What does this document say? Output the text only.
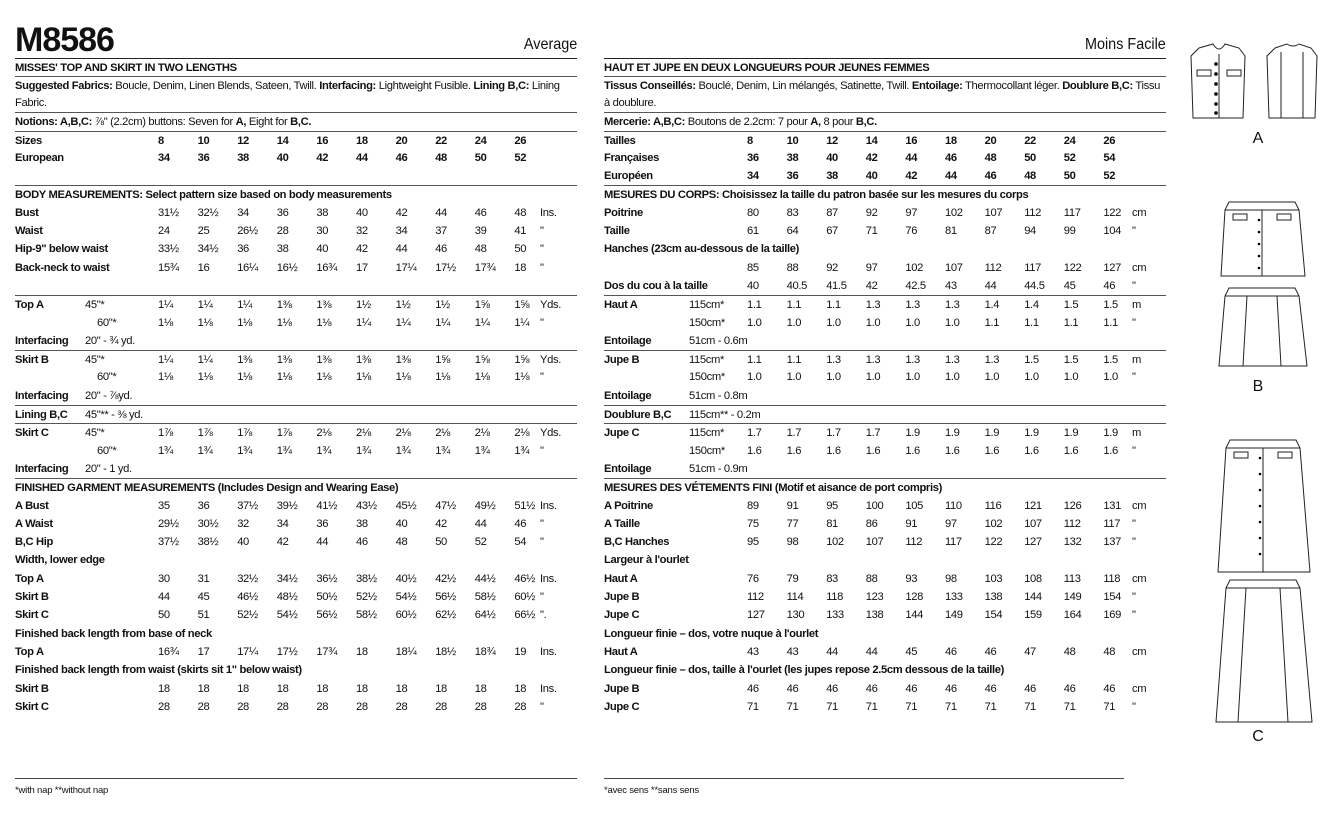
M8586	Average
MISSES' TOP AND SKIRT IN TWO LENGTHS
Suggested Fabrics: Boucle, Denim, Linen Blends, Sateen, Twill. Interfacing: Lightweight Fusible. Lining B,C: Lining Fabric.
Notions: A,B,C: ⅞" (2.2cm) buttons: Seven for A, Eight for B,C.
Sizes	8	10 12 14 16 18 20 22 24 26
European	34 36 38 40 42 44 46 48 50 52
BODY MEASUREMENTS: Select pattern size based on body measurements
Bust	31½ 32½ 34 36 38 40 42 44 46 48 Ins.
Waist	24 25 26½ 28 30 32 34 37 39 41 "
Hip-9" below waist	33½ 34½ 36 38 40 42 44 46 48 50 "
Back-neck to waist	15¾ 16 16¼ 16½ 16¾ 17 17¼ 17½ 17¾ 18 "
Top A	45"*	1¼ 1¼ 1¼ 1⅜ 1⅜ 1½ 1½ 1½ 1⅝ 1⅝ Yds.
60"*	1⅛ 1⅛ 1⅛ 1⅛ 1⅛ 1¼ 1¼ 1¼ 1¼ 1¼ "
Interfacing 20" - ¾ yd.
Skirt B	45"*	1¼ 1¼ 1⅜ 1⅜ 1⅜ 1⅜ 1⅜ 1⅝ 1⅝ 1⅝ Yds.
60"*	1⅛ 1⅛ 1⅛ 1⅛ 1⅛ 1⅛ 1⅛ 1⅛ 1⅛ 1⅛ "
Interfacing 20" - ⅞yd.
Lining B,C 45"** - ⅜ yd.
Skirt C	45"*	1⅞ 1⅞ 1⅞ 1⅞ 2⅛ 2⅛ 2⅛ 2⅛ 2⅛ 2⅛ Yds.
60"*	1¾ 1¾ 1¾ 1¾ 1¾ 1¾ 1¾ 1¾ 1¾ 1¾ "
Interfacing 20" - 1 yd.
FINISHED GARMENT MEASUREMENTS (Includes Design and Wearing Ease)
A Bust	35 36 37½ 39½ 41½ 43½ 45½ 47½ 49½ 51½ Ins.
A Waist	29½ 30½ 32 34 36 38 40 42 44 46 "
B,C Hip	37½ 38½ 40 42 44 46 48 50 52 54 "
Width, lower edge
Top A	30 31 32½ 34½ 36½ 38½ 40½ 42½ 44½ 46½ Ins.
Skirt B	44 45 46½ 48½ 50½ 52½ 54½ 56½ 58½ 60½ "
Skirt C	50 51 52½ 54½ 56½ 58½ 60½ 62½ 64½ 66½ ".
Finished back length from base of neck
Top A	16¾ 17 17¼ 17½ 17¾ 18 18¼ 18½ 18¾ 19 Ins.
Finished back length from waist (skirts sit 1" below waist)
Skirt B	18 18 18 18 18 18 18 18 18 18 Ins.
Skirt C	28 28 28 28 28 28 28 28 28 28 "
Moins Facile
HAUT ET JUPE EN DEUX LONGUEURS POUR JEUNES FEMMES
Tissus Conseillés: Bouclé, Denim, Lin mélangés, Satinette, Twill. Entoilage: Thermocollant léger. Doublure B,C: Tissu à doublure.
Mercerie: A,B,C: Boutons de 2.2cm: 7 pour A, 8 pour B,C.
Tailles	8	10 12 14 16 18 20 22 24 26
Françaises	36 38 40 42 44 46 48 50 52 54
Européen	34 36 38 40 42 44 46 48 50 52
MESURES DU CORPS: Choisissez la taille du patron basée sur les mesures du corps
Poitrine	80 83 87 92 97 102 107 112 117 122 cm
Taille	61 64 67 71 76 81 87 94 99 104 "
Hanches (23cm au-dessous de la taille)
85 88 92 97 102 107 112 117 122 127 cm
Dos du cou à la taille	40 40.5 41.5 42 42.5 43 44 44.5 45 46 "
Haut A	115cm* 1.1 1.1 1.1 1.3 1.3 1.3 1.4 1.4 1.5 1.5 m
150cm* 1.0 1.0 1.0 1.0 1.0 1.0 1.1 1.1 1.1 1.1 "
Entoilage	51cm - 0.6m
Jupe B	115cm* 1.1 1.1 1.3 1.3 1.3 1.3 1.3 1.5 1.5 1.5 m
150cm* 1.0 1.0 1.0 1.0 1.0 1.0 1.0 1.0 1.0 1.0 "
Entoilage	51cm - 0.8m
Doublure B,C 115cm** - 0.2m
Jupe C	115cm* 1.7 1.7 1.7 1.7 1.9 1.9 1.9 1.9 1.9 1.9 m
150cm* 1.6 1.6 1.6 1.6 1.6 1.6 1.6 1.6 1.6 1.6 "
Entoilage	51cm - 0.9m
MESURES DES VÉTEMENTS FINI (Motif et aisance de port compris)
A Poitrine	89 91 95 100 105 110 116 121 126 131 cm
A Taille	75 77 81 86 91 97 102 107 112 117 "
B,C Hanches	95 98 102 107 112 117 122 127 132 137 "
Largeur à l'ourlet
Haut A	76 79 83 88 93 98 103 108 113 118 cm
Jupe B	112 114 118 123 128 133 138 144 149 154 "
Jupe C	127 130 133 138 144 149 154 159 164 169 "
Longueur finie – dos, votre nuque à l'ourlet
Haut A	43 43 44 44 45 46 46 47 48 48 cm
Longueur finie – dos, taille à l'ourlet (les jupes repose 2.5cm dessous de la taille)
Jupe B	46 46 46 46 46 46 46 46 46 46 cm
Jupe C	71 71 71 71 71 71 71 71 71 71 "
*with nap **without nap	*avec sens **sans sens
A
B
C
